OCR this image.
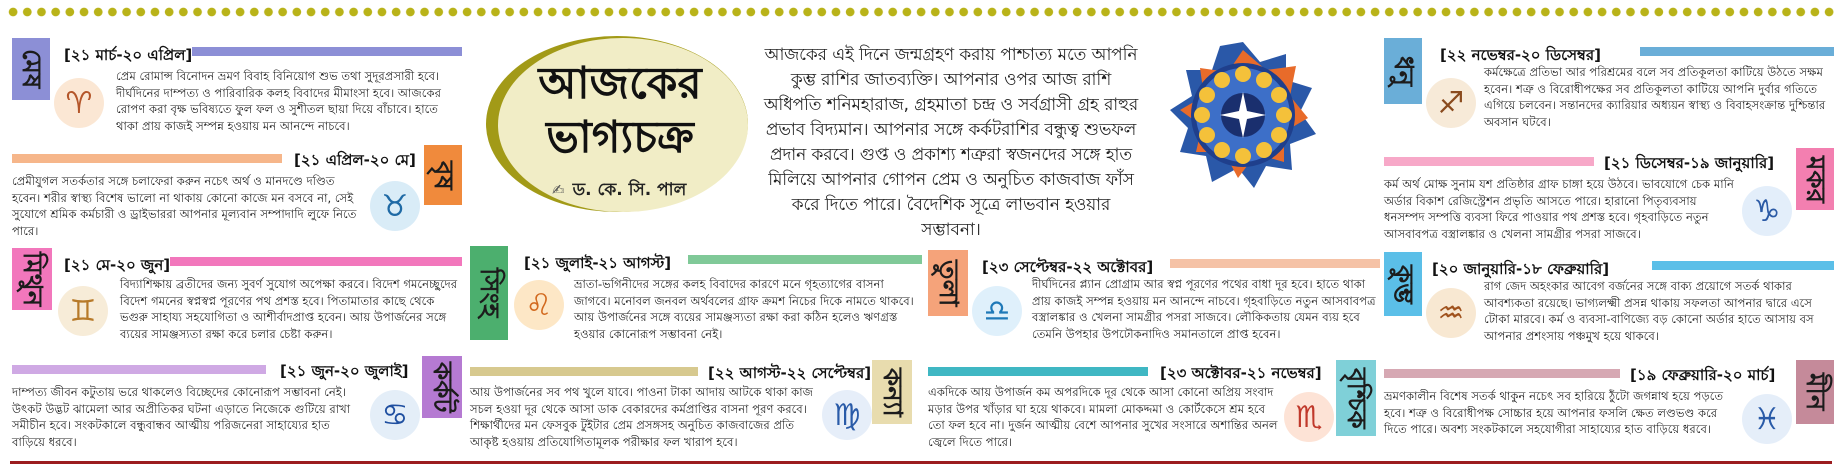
আজকের
ভাগ্যচক্র
✍ ড. কে. সি. পাল
আজকের এই দিনে জন্মগ্রহণ করায় পাশ্চাত্য মতে আপনি কুম্ভ রাশির জাতব্যক্তি। আপনার ওপর আজ রাশি অধিপতি শনিমহারাজ, গ্রহমাতা চন্দ্র ও সর্বগ্রাসী গ্রহ রাহুর প্রভাব বিদ্যমান। আপনার সঙ্গে কর্কটরাশির বন্ধুত্ব শুভফল প্রদান করবে। গুপ্ত ও প্রকাশ্য শত্রুরা স্বজনদের সঙ্গে হাত মিলিয়ে আপনার গোপন প্রেম ও অনুচিত কাজবাজ ফাঁস করে দিতে পারে। বৈদেশিক সূত্রে লাভবান হওয়ার সম্ভাবনা।
মেষ [২১ মার্চ-২০ এপ্রিল]
♈
প্রেম রোমান্স বিনোদন ভ্রমণ বিবাহ বিনিয়োগ শুভ তথা সুদূরপ্রসারী হবে। দীর্ঘদিনের দাম্পত্য ও পারিবারিক কলহ বিবাদের মীমাংসা হবে। আজকের রোপণ করা বৃক্ষ ভবিষ্যতে ফুল ফল ও সুশীতল ছায়া দিয়ে বাঁচাবে। হাতে থাকা প্রায় কাজই সম্পন্ন হওয়ায় মন আনন্দে নাচবে।
[২১ এপ্রিল-২০ মে]
বৃষ
♉
প্রেমীযুগল সতর্কতার সঙ্গে চলাফেরা করুন নচেৎ অর্থ ও মানদণ্ডে দণ্ডিত হবেন। শরীর স্বাস্থ্য বিশেষ ভালো না থাকায় কোনো কাজে মন বসবে না, সেই সুযোগে শ্রমিক কর্মচারী ও ড্রাইভাররা আপনার মূল্যবান সম্পাদাদি লুফে নিতে পারে।
মিথুন	[২১ মে-২০ জুন]
♊
বিদ্যাশিক্ষায় ব্রতীদের জন্য সুবর্ণ সুযোগ অপেক্ষা করবে। বিদেশ গমনেচ্ছুদের বিদেশ গমনের স্বপ্নস্বপ্ন পূরণের পথ প্রশস্ত হবে। পিতামাতার কাছে থেকে ভগুরু সাহায্য সহযোগিতা ও আশীর্বাদপ্রাপ্ত হবেন। আয় উপার্জনের সঙ্গে ব্যয়ের সামঞ্জস্যতা রক্ষা করে চলার চেষ্টা করুন।
[২১ জুন-২০ জুলাই] কর্কট
♋
দাম্পত্য জীবন কটুতায় ভরে থাকলেও বিচ্ছেদের কোনোরূপ সম্ভাবনা নেই। উৎকট উদ্ভট ঝামেলা আর অপ্রীতিকর ঘটনা এড়াতে নিজেকে গুটিয়ে রাখা সমীচীন হবে। সংকটকালে বন্ধুবান্ধব আত্মীয় পরিজনেরা সাহায্যের হাত বাড়িয়ে ধরবে।
সিংহ
[২১ জুলাই-২১ আগস্ট]
♌
ভ্রাতা-ভগিনীদের সঙ্গের কলহ বিবাদের কারণে মনে গৃহত্যাগের বাসনা জাগবে। মনোবল জনবল অর্থবলের গ্রাফ ক্রমশ নিচের দিকে নামতে থাকবে। আয় উপার্জনের সঙ্গে ব্যয়ের সামঞ্জস্যতা রক্ষা করা কঠিন হলেও ঋণগ্রস্ত হওয়ার কোনোরূপ সম্ভাবনা নেই।
[২২ আগস্ট-২২ সেপ্টেম্বর] কন্যা
♍
আয় উপার্জনের সব পথ খুলে যাবে। পাওনা টাকা আদায় আটকে থাকা কাজ সচল হওয়া দূর থেকে আসা ডাক বেকারদের কর্মপ্রাপ্তির বাসনা পূরণ করবে। শিক্ষার্থীদের মন ফেসবুক টুইটার প্রেম প্রসঙ্গসহ অনুচিত কাজবাজের প্রতি আকৃষ্ট হওয়ায় প্রতিযোগিতামূলক পরীক্ষার ফল খারাপ হবে।
তুলা	[২৩ সেপ্টেম্বর-২২ অক্টোবর]
♎
দীর্ঘদিনের প্ল্যান প্রোগ্রাম আর স্বপ্ন পূরণের পথের বাধা দূর হবে। হাতে থাকা প্রায় কাজই সম্পন্ন হওয়ায় মন আনন্দে নাচবে। গৃহবাড়িতে নতুন আসবাবপত্র বস্ত্রালঙ্কার ও খেলনা সামগ্রীর পসরা সাজবে। লৌকিকতায় যেমন ব্যয় হবে তেমনি উপহার উপঢৌকনাদিও সমানতালে প্রাপ্ত হবেন।
[২৩ অক্টোবর-২১ নভেম্বর] বৃশ্চিক
♏
একদিকে আয় উপার্জন কম অপরদিকে দূর থেকে আসা কোনো অপ্রিয় সংবাদ মড়ার উপর খাঁড়ার ঘা হয়ে থাকবে। মামলা মোকদ্দমা ও কোর্টকেসে শ্রম হবে তো ফল হবে না। দুর্জন আত্মীয় বেশে আপনার সুখের সংসারে অশান্তির অনল জ্বেলে দিতে পারে।
ধনু
[২২ নভেম্বর-২০ ডিসেম্বর]
♐
কর্মক্ষেত্রে প্রতিভা আর পরিশ্রমের বলে সব প্রতিকূলতা কাটিয়ে উঠতে সক্ষম হবেন। শত্রু ও বিরোধীপক্ষের সব প্রতিকূলতা কাটিয়ে আপনি দুর্বার গতিতে এগিয়ে চলবেন। সন্তানদের ক্যারিয়ার অধ্যয়ন স্বাস্থ্য ও বিবাহসংক্রান্ত দুশ্চিন্তার অবসান ঘটবে।
[২১ ডিসেম্বর-১৯ জানুয়ারি] মকর
♑
কর্ম অর্থ মোক্ষ সুনাম যশ প্রতিষ্ঠার গ্রাফ চাঙ্গা হয়ে উঠবে। ভাবযোগে চেক মানি অর্ডার বিকাশ রেজিস্ট্রেশন প্রভৃতি আসতে পারে। হারানো পিতৃব্যবসায় ধনসম্পদ সম্পত্তি ব্যবসা ফিরে পাওয়ার পথ প্রশস্ত হবে। গৃহবাড়িতে নতুন আসবাবপত্র বস্ত্রালঙ্কার ও খেলনা সামগ্রীর পসরা সাজবে।
কুম্ভ [২০ জানুয়ারি-১৮ ফেব্রুয়ারি]
♒
রাগ জেদ অহংকার আবেগ বর্জনের সঙ্গে বাক্য প্রয়োগে সতর্ক থাকার আবশ্যকতা রয়েছে। ভাগ্যলক্ষ্মী প্রসন্ন থাকায় সফলতা আপনার দ্বারে এসে টোকা মারবে। কর্ম ও ব্যবসা-বাণিজ্যে বড় কোনো অর্ডার হাতে আসায় বস আপনার প্রশংসায় পঞ্চমুখ হয়ে থাকবে।
[১৯ ফেব্রুয়ারি-২০ মার্চ] মীন
♓
ভ্রমণকালীন বিশেষ সতর্ক থাকুন নচেৎ সব হারিয়ে ঠুঁটো জগন্নাথ হয়ে পড়তে হবে। শত্রু ও বিরোধীপক্ষ সোচ্চার হয়ে আপনার ফসলি ক্ষেত লণ্ডভণ্ড করে দিতে পারে। অবশ্য সংকটকালে সহযোগীরা সাহায্যের হাত বাড়িয়ে ধরবে।
